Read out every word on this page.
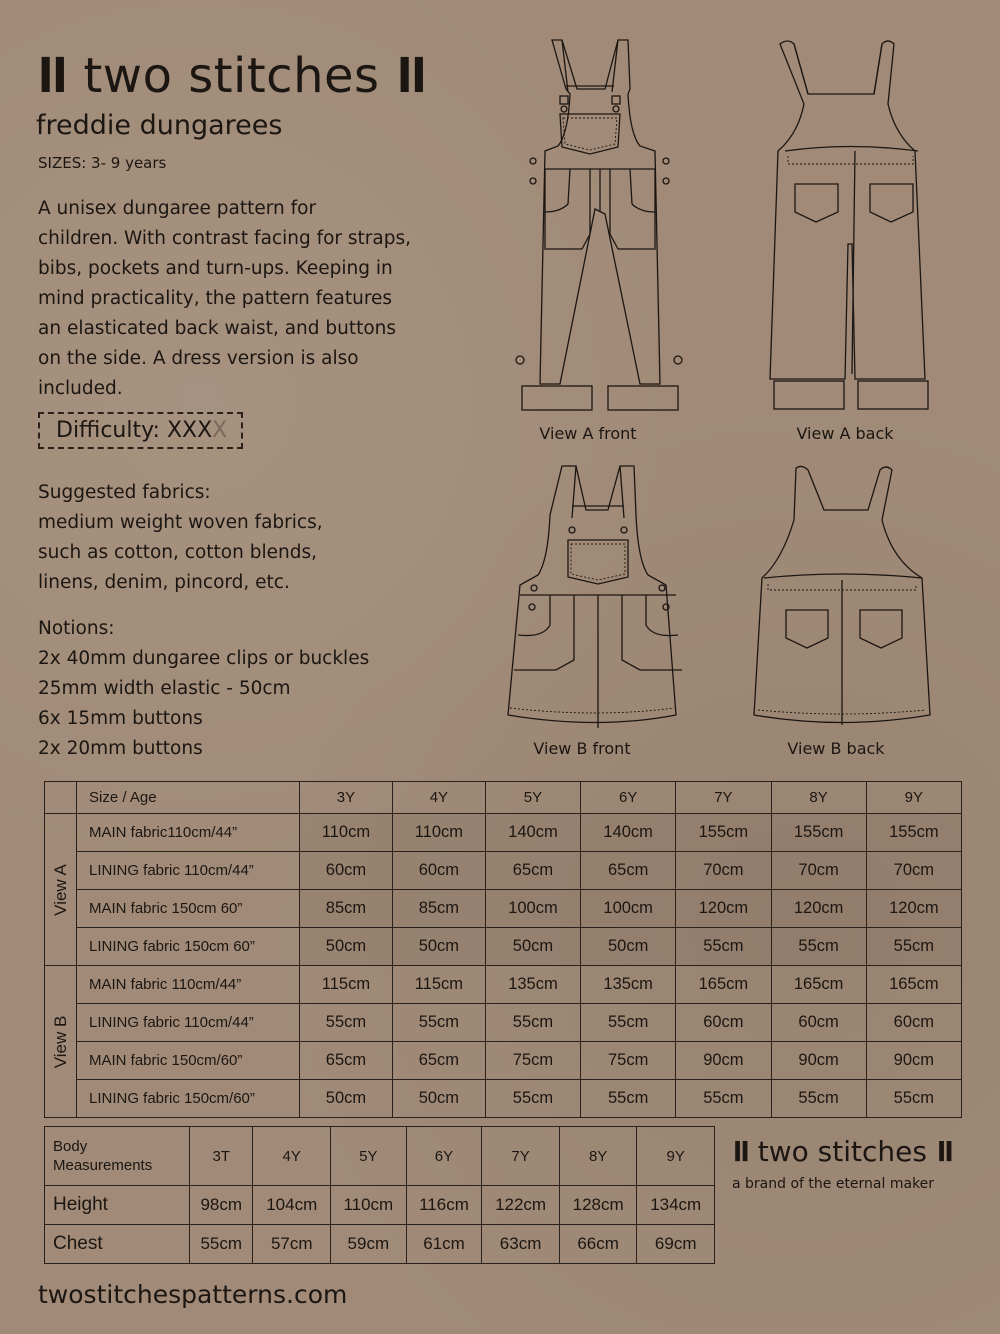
II two stitches II
freddie dungarees
SIZES: 3- 9 years
A unisex dungaree pattern for
children. With contrast facing for straps,
bibs, pockets and turn-ups. Keeping in
mind practicality, the pattern features
an elasticated back waist, and buttons
on the side. A dress version is also
included.
Difficulty: XXXX
Suggested fabrics:
medium weight woven fabrics,
such as cotton, cotton blends,
linens, denim, pincord, etc.
Notions:
2x 40mm dungaree clips or buckles
25mm width elastic - 50cm
6x 15mm buttons
2x 20mm buttons
View A front	View A back
View B front	View B back
	Size / Age	3Y	4Y	5Y	6Y	7Y	8Y	9Y

View A	MAIN fabric110cm/44”	110cm	110cm	140cm	140cm	155cm	155cm	155cm
	LINING fabric 110cm/44”	60cm	60cm	65cm	65cm	70cm	70cm	70cm
	MAIN fabric 150cm 60”	85cm	85cm	100cm	100cm	120cm	120cm	120cm
	LINING fabric 150cm 60”	50cm	50cm	50cm	50cm	55cm	55cm	55cm

View B	MAIN fabric 110cm/44”	115cm	115cm	135cm	135cm	165cm	165cm	165cm
	LINING fabric 110cm/44”	55cm	55cm	55cm	55cm	60cm	60cm	60cm
	MAIN fabric 150cm/60”	65cm	65cm	75cm	75cm	90cm	90cm	90cm
	LINING fabric 150cm/60”	50cm	50cm	55cm	55cm	55cm	55cm	55cm
Body
Measurements	3T	4Y	5Y	6Y	7Y	8Y	9Y
Height	98cm	104cm	110cm	116cm	122cm	128cm	134cm
Chest	55cm	57cm	59cm	61cm	63cm	66cm	69cm
II two stitches II
a brand of the eternal maker
twostitchespatterns.com
